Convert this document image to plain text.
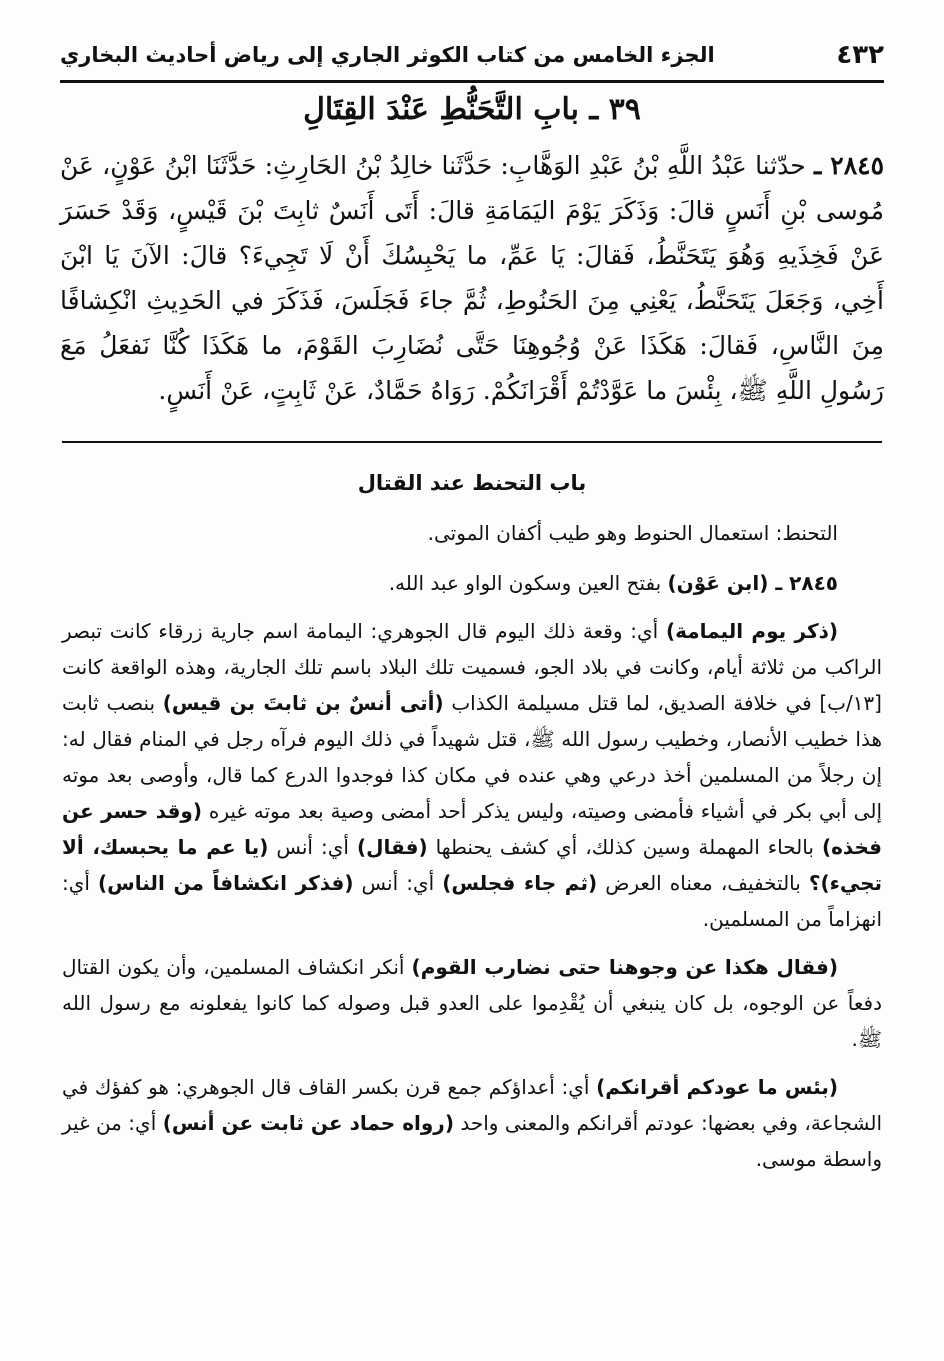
٤٣٢
الجزء الخامس من كتاب الكوثر الجاري إلى رياض أحاديث البخاري
٣٩ ـ بابِ التَّحَنُّطِ عَنْدَ القِتَالِ
٢٨٤٥ ـ حدّثنا عَبْدُ اللَّهِ بْنُ عَبْدِ الوَهَّابِ: حَدَّثَنا خالِدُ بْنُ الحَارِثِ: حَدَّثَنَا ابْنُ عَوْنٍ، عَنْ مُوسى بْنِ أَنَسٍ قالَ: وَذَكَرَ يَوْمَ اليَمَامَةِ قالَ: أَتَى أَنَسٌ ثابِتَ بْنَ قَيْسٍ، وَقَدْ حَسَرَ عَنْ فَخِذَيهِ وَهُوَ يَتَحَنَّطُ، فَقالَ: يَا عَمِّ، ما يَحْبِسُكَ أَنْ لَا تَجِيءَ؟ قالَ: الآنَ يَا ابْنَ أَخِي، وَجَعَلَ يَتَحَنَّطُ، يَعْنِي مِنَ الحَنُوطِ، ثُمَّ جاءَ فَجَلَسَ، فَذَكَرَ في الحَدِيثِ انْكِشافًا مِنَ النَّاسِ، فَقالَ: هَكَذَا عَنْ وُجُوهِنَا حَتَّى نُضَارِبَ القَوْمَ، ما هَكَذَا كُنَّا نَفعَلُ مَعَ رَسُولِ اللَّهِ ﷺ، بِئْسَ ما عَوَّدْتُمْ أَقْرَانَكُمْ. رَوَاهُ حَمَّادٌ، عَنْ ثَابِتٍ، عَنْ أَنَسٍ.

باب التحنط عند القتال

التحنط: استعمال الحنوط وهو طيب أكفان الموتى.

٢٨٤٥ ـ (ابن عَوْن) بفتح العين وسكون الواو عبد الله.

(ذكر يوم اليمامة) أي: وقعة ذلك اليوم قال الجوهري: اليمامة اسم جارية زرقاء كانت تبصر الراكب من ثلاثة أيام، وكانت في بلاد الجو، فسميت تلك البلاد باسم تلك الجارية، وهذه الواقعة كانت [١٣/ب] في خلافة الصديق، لما قتل مسيلمة الكذاب (أتى أنسٌ بن ثابتَ بن قيس) بنصب ثابت هذا خطيب الأنصار، وخطيب رسول الله ﷺ، قتل شهيداً في ذلك اليوم فرآه رجل في المنام فقال له: إن رجلاً من المسلمين أخذ درعي وهي عنده في مكان كذا فوجدوا الدرع كما قال، وأوصى بعد موته إلى أبي بكر في أشياء فأمضى وصيته، وليس يذكر أحد أمضى وصية بعد موته غيره (وقد حسر عن فخذه) بالحاء المهملة وسين كذلك، أي كشف يحنطها (فقال) أي: أنس (يا عم ما يحبسك، ألا تجيء)؟ بالتخفيف، معناه العرض (ثم جاء فجلس) أي: أنس (فذكر انكشافاً من الناس) أي: انهزاماً من المسلمين.

(فقال هكذا عن وجوهنا حتى نضارب القوم) أنكر انكشاف المسلمين، وأن يكون القتال دفعاً عن الوجوه، بل كان ينبغي أن يُقْدِموا على العدو قبل وصوله كما كانوا يفعلونه مع رسول الله ﷺ.

(بئس ما عودكم أقرانكم) أي: أعداؤكم جمع قرن بكسر القاف قال الجوهري: هو كفؤك في الشجاعة، وفي بعضها: عودتم أقرانكم والمعنى واحد (رواه حماد عن ثابت عن أنس) أي: من غير واسطة موسى.
